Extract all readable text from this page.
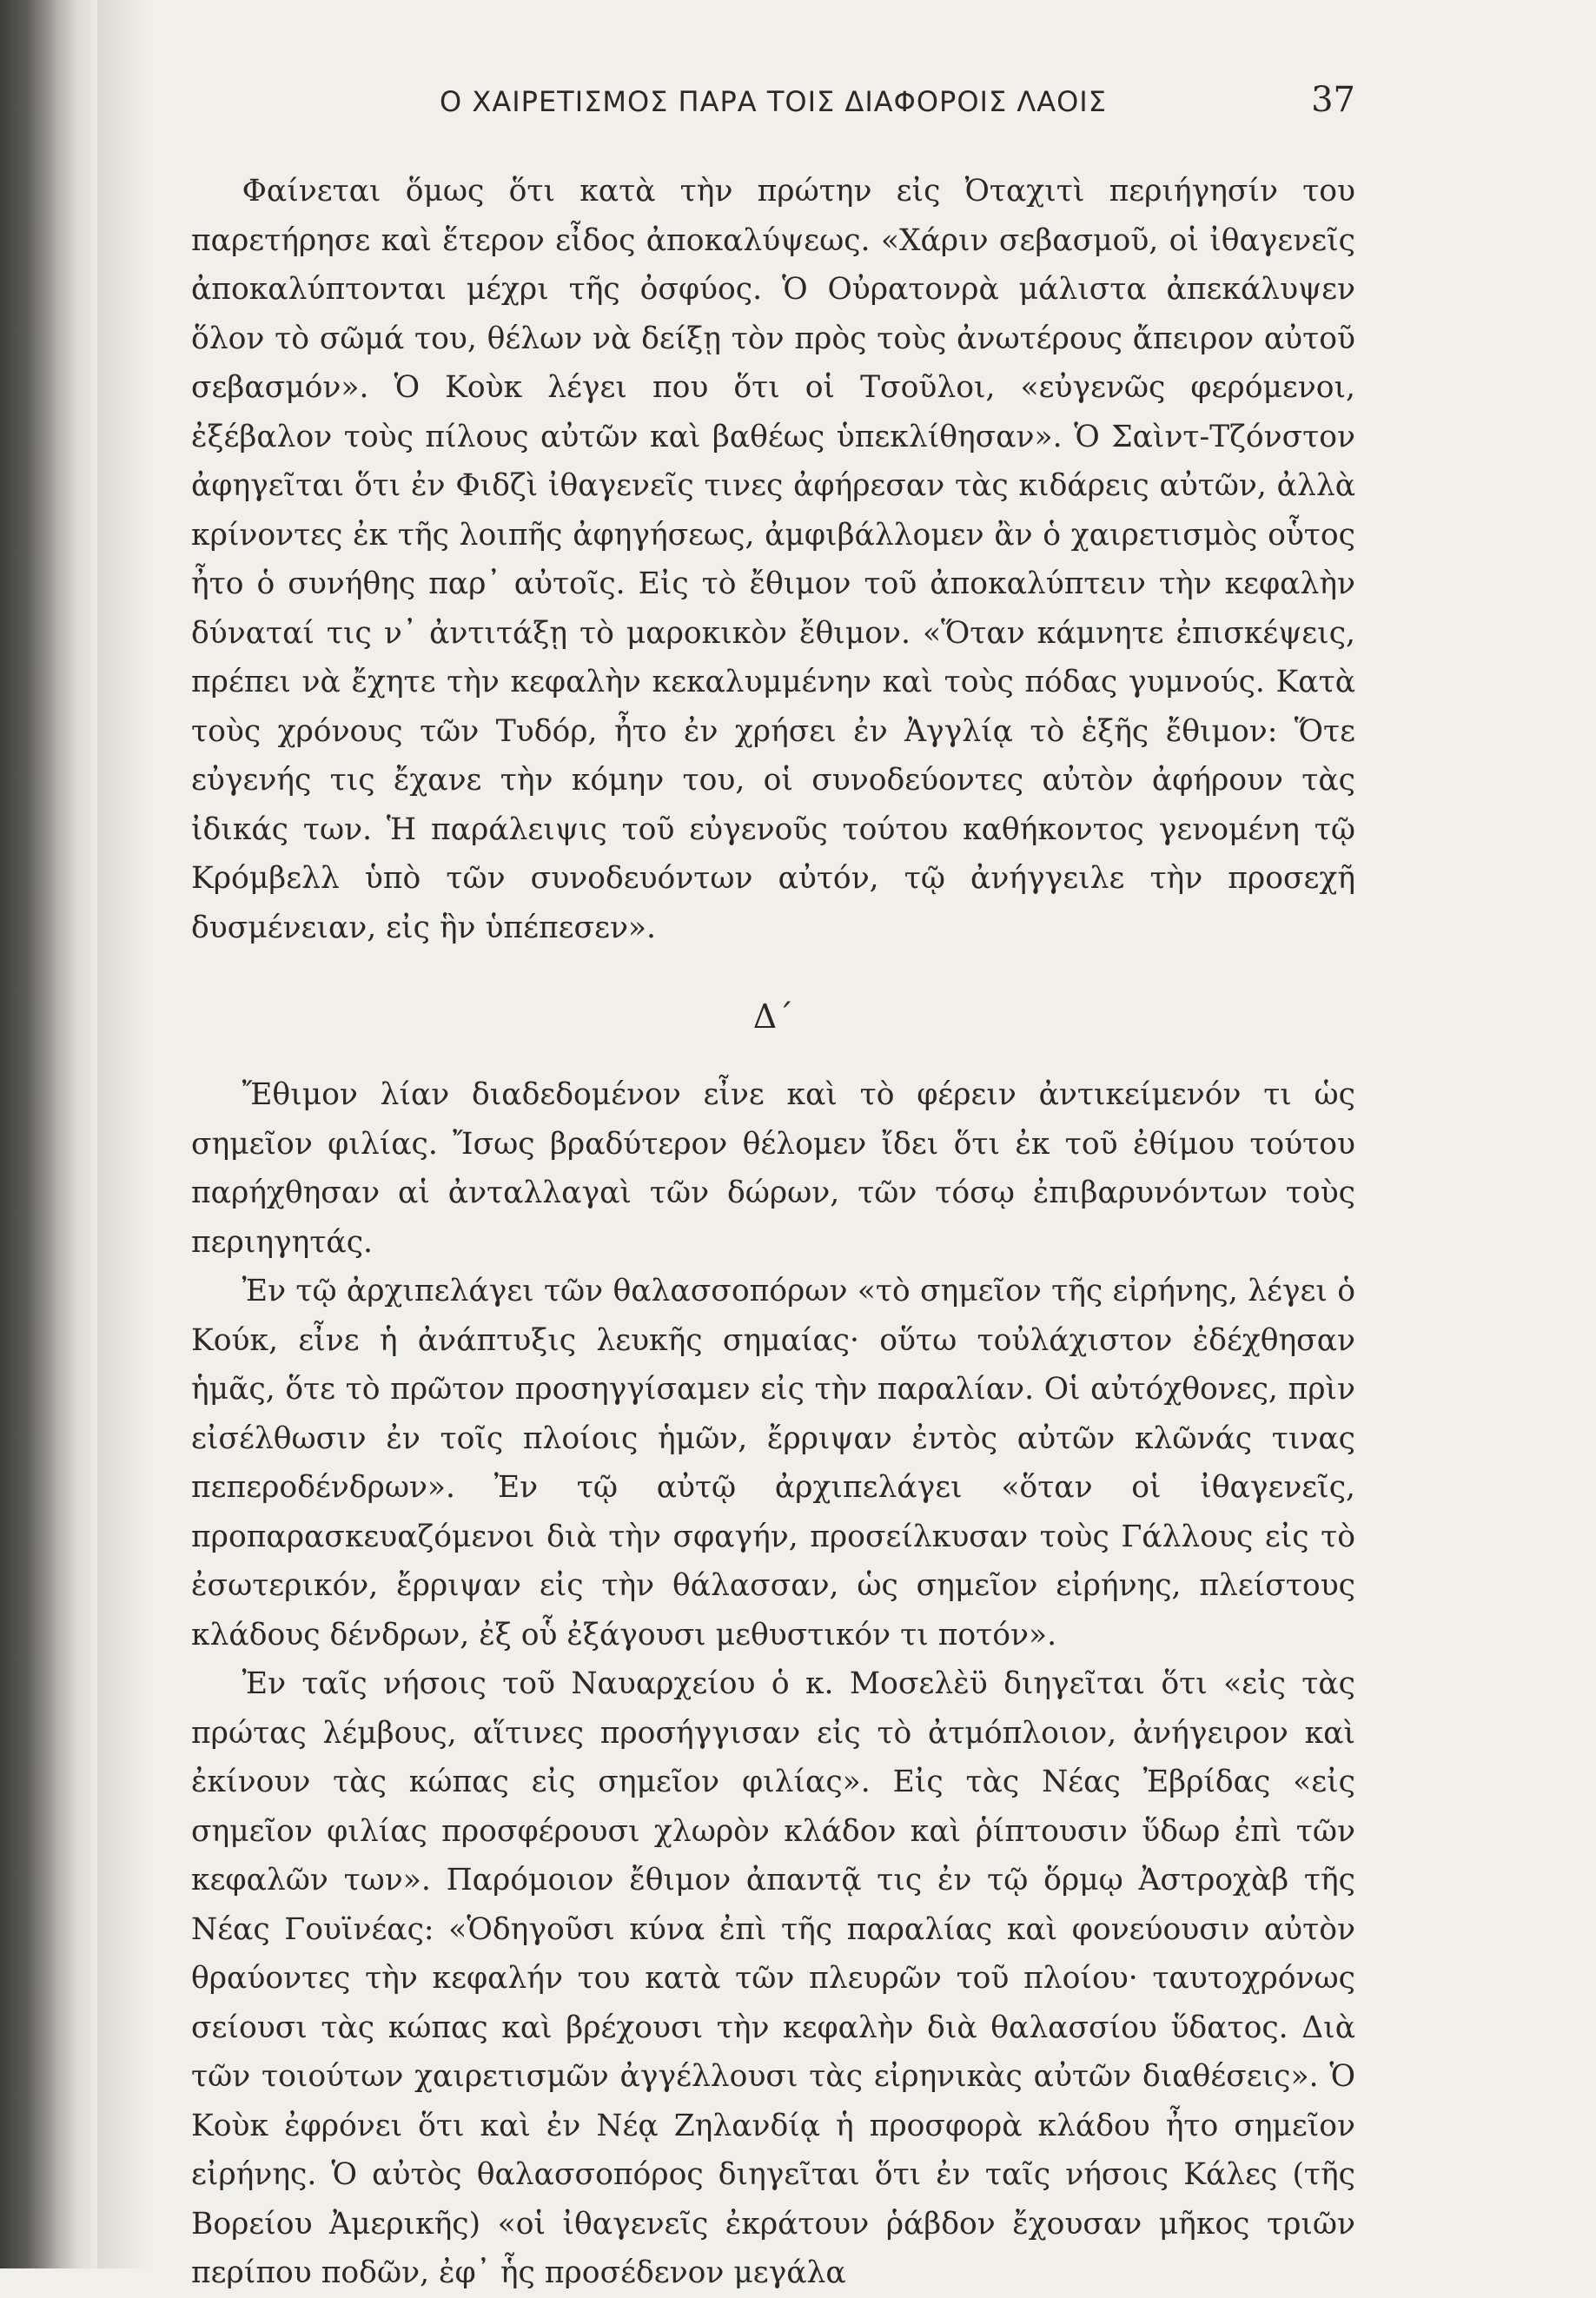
Ο ΧΑΙΡΕΤΙΣΜΟΣ ΠΑΡΑ ΤΟΙΣ ΔΙΑΦΟΡΟΙΣ ΛΑΟΙΣ	37

Φαίνεται ὅμως ὅτι κατὰ τὴν πρώτην εἰς Ὀταχιτὶ περιήγησίν του παρετήρησε καὶ ἕτερον εἶδος ἀποκαλύψεως. «Χάριν σεβασμοῦ, οἱ ἰθαγενεῖς ἀποκαλύπτονται μέχρι τῆς ὀσφύος. Ὁ Οὐρατονρὰ μάλιστα ἀπεκάλυψεν ὅλον τὸ σῶμά του, θέλων νὰ δείξῃ τὸν πρὸς τοὺς ἀνωτέρους ἄπειρον αὐτοῦ σεβασμόν». Ὁ Κοὺκ λέγει που ὅτι οἱ Τσοῦλοι, «εὐγενῶς φερόμενοι, ἐξέβαλον τοὺς πίλους αὐτῶν καὶ βαθέως ὑπεκλίθησαν». Ὁ Σαὶντ-Τζόνστον ἀφηγεῖται ὅτι ἐν Φιδζὶ ἰθαγενεῖς τινες ἀφήρεσαν τὰς κιδάρεις αὐτῶν, ἀλλὰ κρίνοντες ἐκ τῆς λοιπῆς ἀφηγήσεως, ἀμφιβάλλομεν ἂν ὁ χαιρετισμὸς οὗτος ἦτο ὁ συνήθης παρ᾽ αὐτοῖς. Εἰς τὸ ἔθιμον τοῦ ἀποκαλύπτειν τὴν κεφαλὴν δύναταί τις ν᾽ ἀντιτάξῃ τὸ μαροκικὸν ἔθιμον. «Ὅταν κάμνητε ἐπισκέψεις, πρέπει νὰ ἔχητε τὴν κεφαλὴν κεκαλυμμένην καὶ τοὺς πόδας γυμνούς. Κατὰ τοὺς χρόνους τῶν Τυδόρ, ἦτο ἐν χρήσει ἐν Ἀγγλίᾳ τὸ ἑξῆς ἔθιμον: Ὅτε εὐγενής τις ἔχανε τὴν κόμην του, οἱ συνοδεύοντες αὐτὸν ἀφήρουν τὰς ἰδικάς των. Ἡ παράλειψις τοῦ εὐγενοῦς τούτου καθήκοντος γενομένη τῷ Κρόμβελλ ὑπὸ τῶν συνοδευόντων αὐτόν, τῷ ἀνήγγειλε τὴν προσεχῆ δυσμένειαν, εἰς ἣν ὑπέπεσεν».

Δ΄

Ἔθιμον λίαν διαδεδομένον εἶνε καὶ τὸ φέρειν ἀντικείμενόν τι ὡς σημεῖον φιλίας. Ἴσως βραδύτερον θέλομεν ἴδει ὅτι ἐκ τοῦ ἐθίμου τούτου παρήχθησαν αἱ ἀνταλλαγαὶ τῶν δώρων, τῶν τόσῳ ἐπιβαρυνόντων τοὺς περιηγητάς.

Ἐν τῷ ἀρχιπελάγει τῶν θαλασσοπόρων «τὸ σημεῖον τῆς εἰρήνης, λέγει ὁ Κούκ, εἶνε ἡ ἀνάπτυξις λευκῆς σημαίας· οὕτω τοὐλάχιστον ἐδέχθησαν ἡμᾶς, ὅτε τὸ πρῶτον προσηγγίσαμεν εἰς τὴν παραλίαν. Οἱ αὐτόχθονες, πρὶν εἰσέλθωσιν ἐν τοῖς πλοίοις ἡμῶν, ἔρριψαν ἐντὸς αὐτῶν κλῶνάς τινας πεπεροδένδρων». Ἐν τῷ αὐτῷ ἀρχιπελάγει «ὅταν οἱ ἰθαγενεῖς, προπαρασκευαζόμενοι διὰ τὴν σφαγήν, προσείλκυσαν τοὺς Γάλλους εἰς τὸ ἐσωτερικόν, ἔρριψαν εἰς τὴν θάλασσαν, ὡς σημεῖον εἰρήνης, πλείστους κλάδους δένδρων, ἐξ οὗ ἐξάγουσι μεθυστικόν τι ποτόν».

Ἐν ταῖς νήσοις τοῦ Ναυαρχείου ὁ κ. Μοσελὲϋ διηγεῖται ὅτι «εἰς τὰς πρώτας λέμβους, αἵτινες προσήγγισαν εἰς τὸ ἀτμόπλοιον, ἀνήγειρον καὶ ἐκίνουν τὰς κώπας εἰς σημεῖον φιλίας». Εἰς τὰς Νέας Ἐβρίδας «εἰς σημεῖον φιλίας προσφέρουσι χλωρὸν κλάδον καὶ ῥίπτουσιν ὕδωρ ἐπὶ τῶν κεφαλῶν των». Παρόμοιον ἔθιμον ἀπαντᾷ τις ἐν τῷ ὅρμῳ Ἀστροχὰβ τῆς Νέας Γουϊνέας: «Ὁδηγοῦσι κύνα ἐπὶ τῆς παραλίας καὶ φονεύουσιν αὐτὸν θραύοντες τὴν κεφαλήν του κατὰ τῶν πλευρῶν τοῦ πλοίου· ταυτοχρόνως σείουσι τὰς κώπας καὶ βρέχουσι τὴν κεφαλὴν διὰ θαλασσίου ὕδατος. Διὰ τῶν τοιούτων χαιρετισμῶν ἀγγέλλουσι τὰς εἰρηνικὰς αὐτῶν διαθέσεις». Ὁ Κοὺκ ἐφρόνει ὅτι καὶ ἐν Νέᾳ Ζηλανδίᾳ ἡ προσφορὰ κλάδου ἦτο σημεῖον εἰρήνης. Ὁ αὐτὸς θαλασσοπόρος διηγεῖται ὅτι ἐν ταῖς νήσοις Κάλες (τῆς Βορείου Ἀμερικῆς) «οἱ ἰθαγενεῖς ἐκράτουν ῥάβδον ἔχουσαν μῆκος τριῶν περίπου ποδῶν, ἐφ᾽ ἧς προσέδενον μεγάλα
